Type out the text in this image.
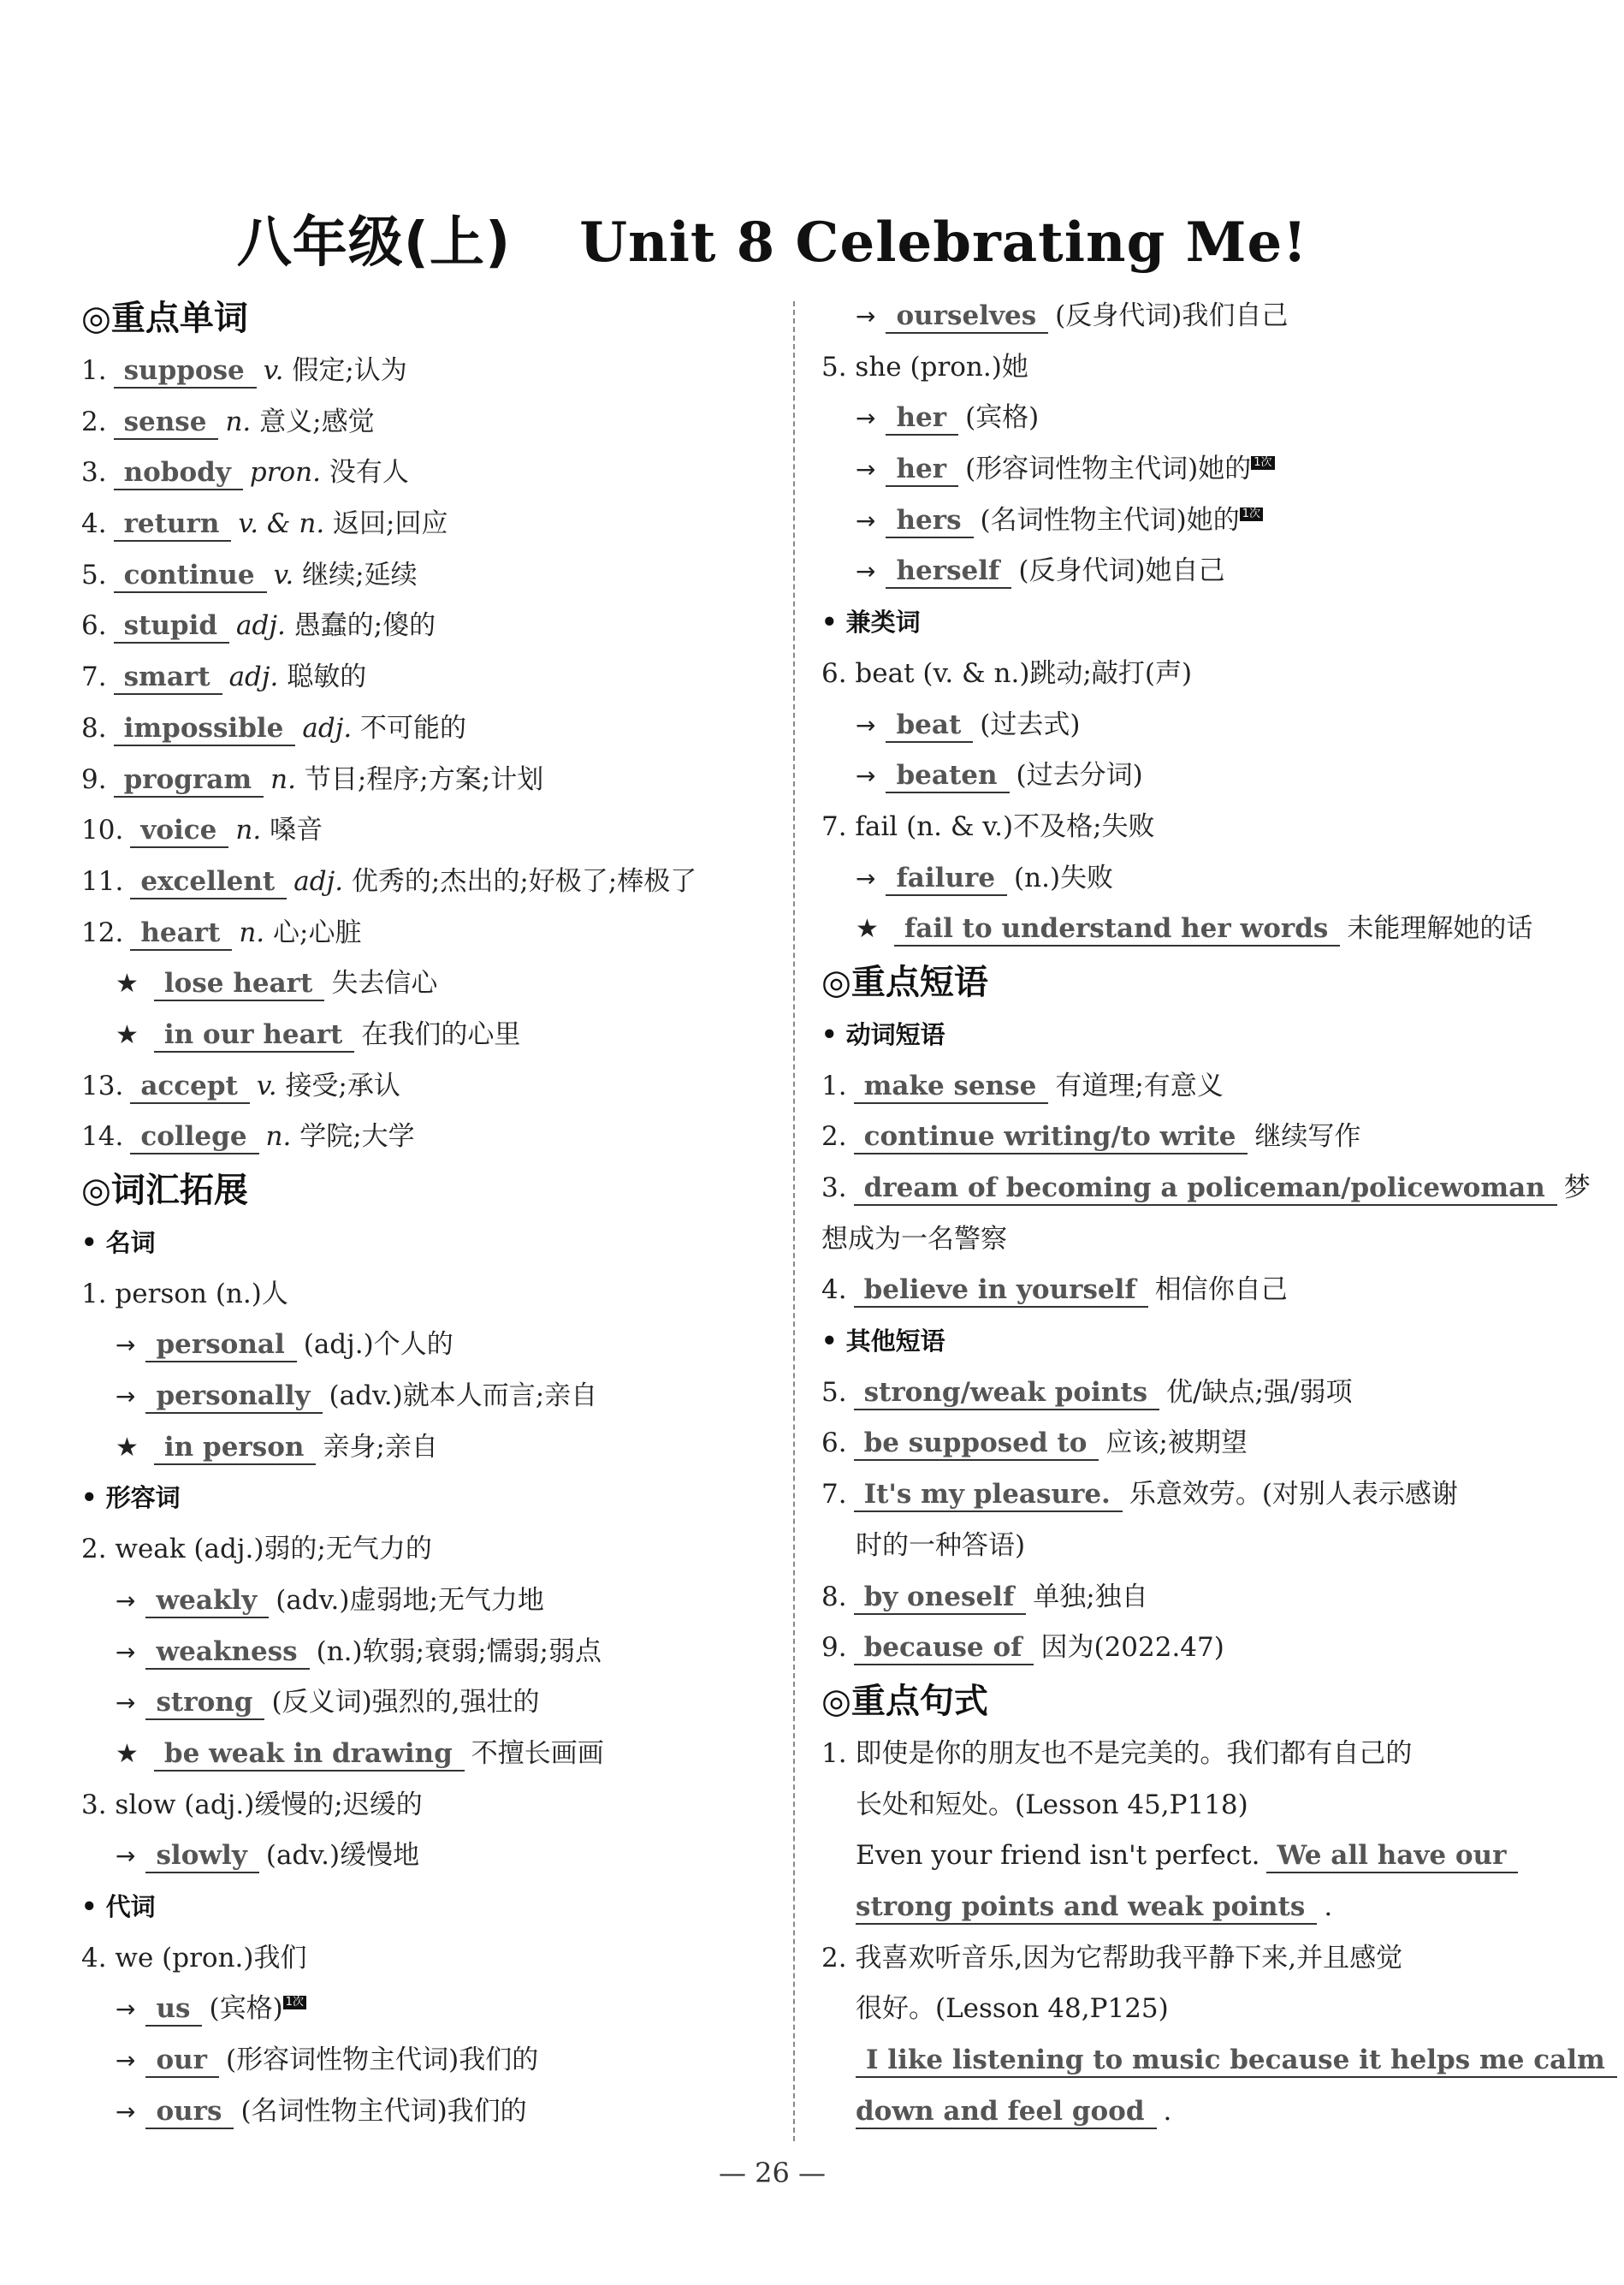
八年级(上) Unit 8 Celebrating Me!
◎重点单词
1. suppose v. 假定;认为
2. sense n. 意义;感觉
3. nobody pron. 没有人
4. return v. & n. 返回;回应
5. continue v. 继续;延续
6. stupid adj. 愚蠢的;傻的
7. smart adj. 聪敏的
8. impossible adj. 不可能的
9. program n. 节目;程序;方案;计划
10. voice n. 嗓音
11. excellent adj. 优秀的;杰出的;好极了;棒极了
12. heart n. 心;心脏
★ lose heart 失去信心
★ in our heart 在我们的心里
13. accept v. 接受;承认
14. college n. 学院;大学
◎词汇拓展
• 名词
1. person (n.)人
→ personal (adj.)个人的
→ personally (adv.)就本人而言;亲自
★ in person 亲身;亲自
• 形容词
2. weak (adj.)弱的;无气力的
→ weakly (adv.)虚弱地;无气力地
→ weakness (n.)软弱;衰弱;懦弱;弱点
→ strong (反义词)强烈的,强壮的
★ be weak in drawing 不擅长画画
3. slow (adj.)缓慢的;迟缓的
→ slowly (adv.)缓慢地
• 代词
4. we (pron.)我们
→ us (宾格) 1次
→ our (形容词性物主代词)我们的
→ ours (名词性物主代词)我们的
→ ourselves (反身代词)我们自己
5. she (pron.)她
→ her (宾格)
→ her (形容词性物主代词)她的 1次
→ hers (名词性物主代词)她的 1次
→ herself (反身代词)她自己
• 兼类词
6. beat (v. & n.)跳动;敲打(声)
→ beat (过去式)
→ beaten (过去分词)
7. fail (n. & v.)不及格;失败
→ failure (n.)失败
★ fail to understand her words 未能理解她的话
◎重点短语
• 动词短语
1. make sense 有道理;有意义
2. continue writing/to write 继续写作
3. dream of becoming a policeman/policewoman 梦
想成为一名警察
4. believe in yourself 相信你自己
• 其他短语
5. strong/weak points 优/缺点;强/弱项
6. be supposed to 应该;被期望
7. It's my pleasure. 乐意效劳。(对别人表示感谢
时的一种答语)
8. by oneself 单独;独自
9. because of 因为(2022.47)
◎重点句式
1. 即使是你的朋友也不是完美的。我们都有自己的
长处和短处。(Lesson 45,P118)
Even your friend isn't perfect. We all have our
strong points and weak points .
2. 我喜欢听音乐,因为它帮助我平静下来,并且感觉
很好。(Lesson 48,P125)
I like listening to music because it helps me calm
down and feel good .
— 26 —
